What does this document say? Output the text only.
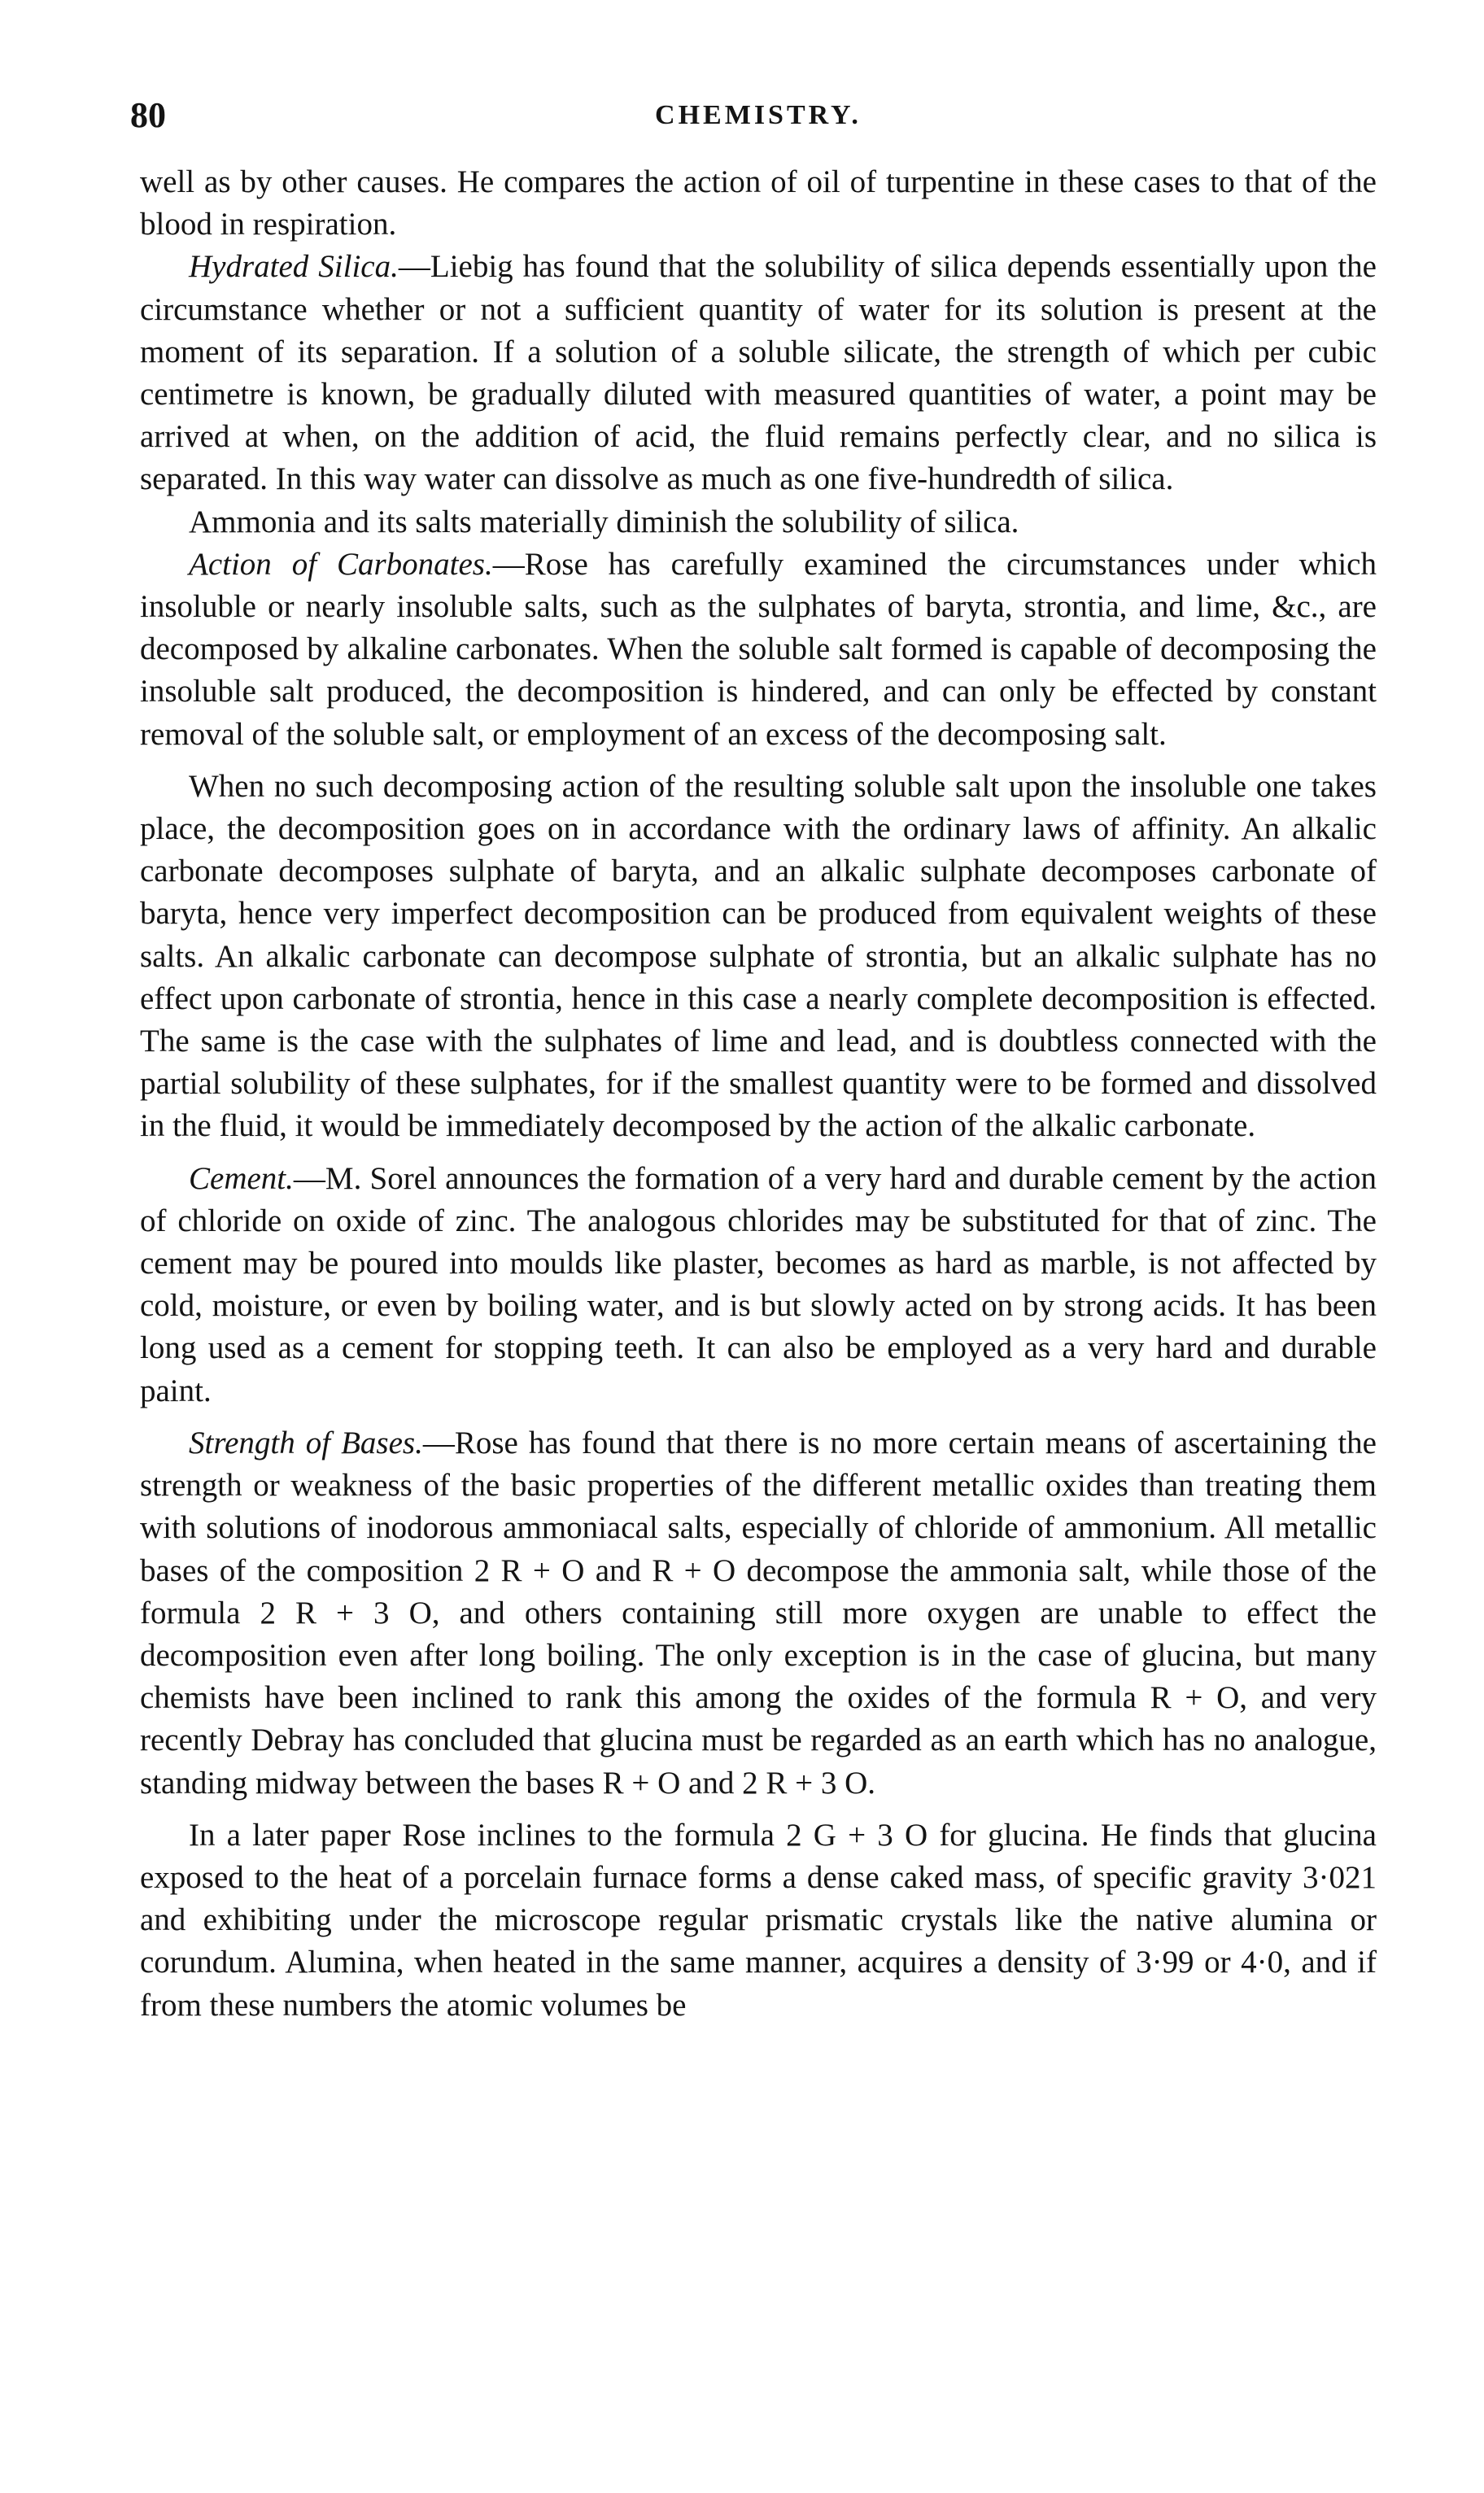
80	CHEMISTRY.

well as by other causes. He compares the action of oil of turpentine in these cases to that of the blood in respiration.

Hydrated Silica.—Liebig has found that the solubility of silica depends essentially upon the circumstance whether or not a sufficient quantity of water for its solution is present at the moment of its separation. If a solution of a soluble silicate, the strength of which per cubic centimetre is known, be gradually diluted with measured quantities of water, a point may be arrived at when, on the addition of acid, the fluid remains perfectly clear, and no silica is separated. In this way water can dissolve as much as one five-hundredth of silica.

Ammonia and its salts materially diminish the solubility of silica.

Action of Carbonates.—Rose has carefully examined the circumstances under which insoluble or nearly insoluble salts, such as the sulphates of baryta, strontia, and lime, &c., are decomposed by alkaline carbonates. When the soluble salt formed is capable of decomposing the insoluble salt produced, the decomposition is hindered, and can only be effected by constant removal of the soluble salt, or employment of an excess of the decomposing salt.

When no such decomposing action of the resulting soluble salt upon the insoluble one takes place, the decomposition goes on in accordance with the ordinary laws of affinity. An alkalic carbonate decomposes sulphate of baryta, and an alkalic sulphate decomposes carbonate of baryta, hence very imperfect decomposition can be produced from equivalent weights of these salts. An alkalic carbonate can decompose sulphate of strontia, but an alkalic sulphate has no effect upon carbonate of strontia, hence in this case a nearly complete decomposition is effected. The same is the case with the sulphates of lime and lead, and is doubtless connected with the partial solubility of these sulphates, for if the smallest quantity were to be formed and dissolved in the fluid, it would be immediately decomposed by the action of the alkalic carbonate.

Cement.—M. Sorel announces the formation of a very hard and durable cement by the action of chloride on oxide of zinc. The analogous chlorides may be substituted for that of zinc. The cement may be poured into moulds like plaster, becomes as hard as marble, is not affected by cold, moisture, or even by boiling water, and is but slowly acted on by strong acids. It has been long used as a cement for stopping teeth. It can also be employed as a very hard and durable paint.

Strength of Bases.—Rose has found that there is no more certain means of ascertaining the strength or weakness of the basic properties of the different metallic oxides than treating them with solutions of inodorous ammoniacal salts, especially of chloride of ammonium. All metallic bases of the composition 2 R + O and R + O decompose the ammonia salt, while those of the formula 2 R + 3 O, and others containing still more oxygen are unable to effect the decomposition even after long boiling. The only exception is in the case of glucina, but many chemists have been inclined to rank this among the oxides of the formula R + O, and very recently Debray has concluded that glucina must be regarded as an earth which has no analogue, standing midway between the bases R + O and 2 R + 3 O.

In a later paper Rose inclines to the formula 2 G + 3 O for glucina. He finds that glucina exposed to the heat of a porcelain furnace forms a dense caked mass, of specific gravity 3·021 and exhibiting under the microscope regular prismatic crystals like the native alumina or corundum. Alumina, when heated in the same manner, acquires a density of 3·99 or 4·0, and if from these numbers the atomic volumes be
